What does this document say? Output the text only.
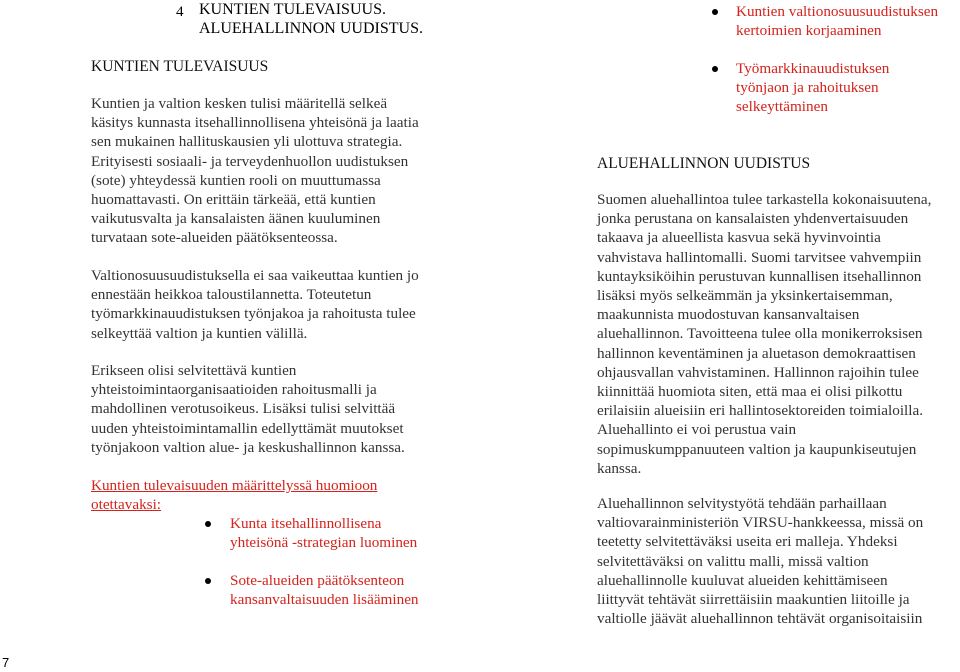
4 KUNTIEN TULEVAISUUS.
ALUEHALLINNON UUDISTUS.
KUNTIEN TULEVAISUUS
Kuntien ja valtion kesken tulisi määritellä selkeä
käsitys kunnasta itsehallinnollisena yhteisönä ja laatia
sen mukainen hallituskausien yli ulottuva strategia.
Erityisesti sosiaali- ja terveydenhuollon uudistuksen
(sote) yhteydessä kuntien rooli on muuttumassa
huomattavasti. On erittäin tärkeää, että kuntien
vaikutusvalta ja kansalaisten äänen kuuluminen
turvataan sote-alueiden päätöksenteossa.
Valtionosuusuudistuksella ei saa vaikeuttaa kuntien jo
ennestään heikkoa taloustilannetta. Toteutetun
työmarkkinauudistuksen työnjakoa ja rahoitusta tulee
selkeyttää valtion ja kuntien välillä.
Erikseen olisi selvitettävä kuntien
yhteistoimintaorganisaatioiden rahoitusmalli ja
mahdollinen verotusoikeus. Lisäksi tulisi selvittää
uuden yhteistoimintamallin edellyttämät muutokset
työnjakoon valtion alue- ja keskushallinnon kanssa.
Kuntien tulevaisuuden määrittelyssä huomioon
otettavaksi:
Kunta itsehallinnollisena
yhteisönä -strategian luominen
Sote-alueiden päätöksenteon
kansanvaltaisuuden lisääminen
Kuntien valtionosuusuudistuksen
kertoimien korjaaminen
Työmarkkinauudistuksen
työnjaon ja rahoituksen
selkeyttäminen
ALUEHALLINNON UUDISTUS
Suomen aluehallintoa tulee tarkastella kokonaisuutena,
jonka perustana on kansalaisten yhdenvertaisuuden
takaava ja alueellista kasvua sekä hyvinvointia
vahvistava hallintomalli. Suomi tarvitsee vahvempiin
kuntayksiköihin perustuvan kunnallisen itsehallinnon
lisäksi myös selkeämmän ja yksinkertaisemman,
maakunnista muodostuvan kansanvaltaisen
aluehallinnon. Tavoitteena tulee olla monikerroksisen
hallinnon keventäminen ja aluetason demokraattisen
ohjausvallan vahvistaminen. Hallinnon rajoihin tulee
kiinnittää huomiota siten, että maa ei olisi pilkottu
erilaisiin alueisiin eri hallintosektoreiden toimialoilla.
Aluehallinto ei voi perustua vain
sopimuskumppanuuteen valtion ja kaupunkiseutujen
kanssa.
Aluehallinnon selvitystyötä tehdään parhaillaan
valtiovarainministeriön VIRSU-hankkeessa, missä on
teetetty selvitettäväksi useita eri malleja. Yhdeksi
selvitettäväksi on valittu malli, missä valtion
aluehallinnolle kuuluvat alueiden kehittämiseen
liittyvät tehtävät siirrettäisiin maakuntien liitoille ja
valtiolle jäävät aluehallinnon tehtävät organisoitaisiin
7
